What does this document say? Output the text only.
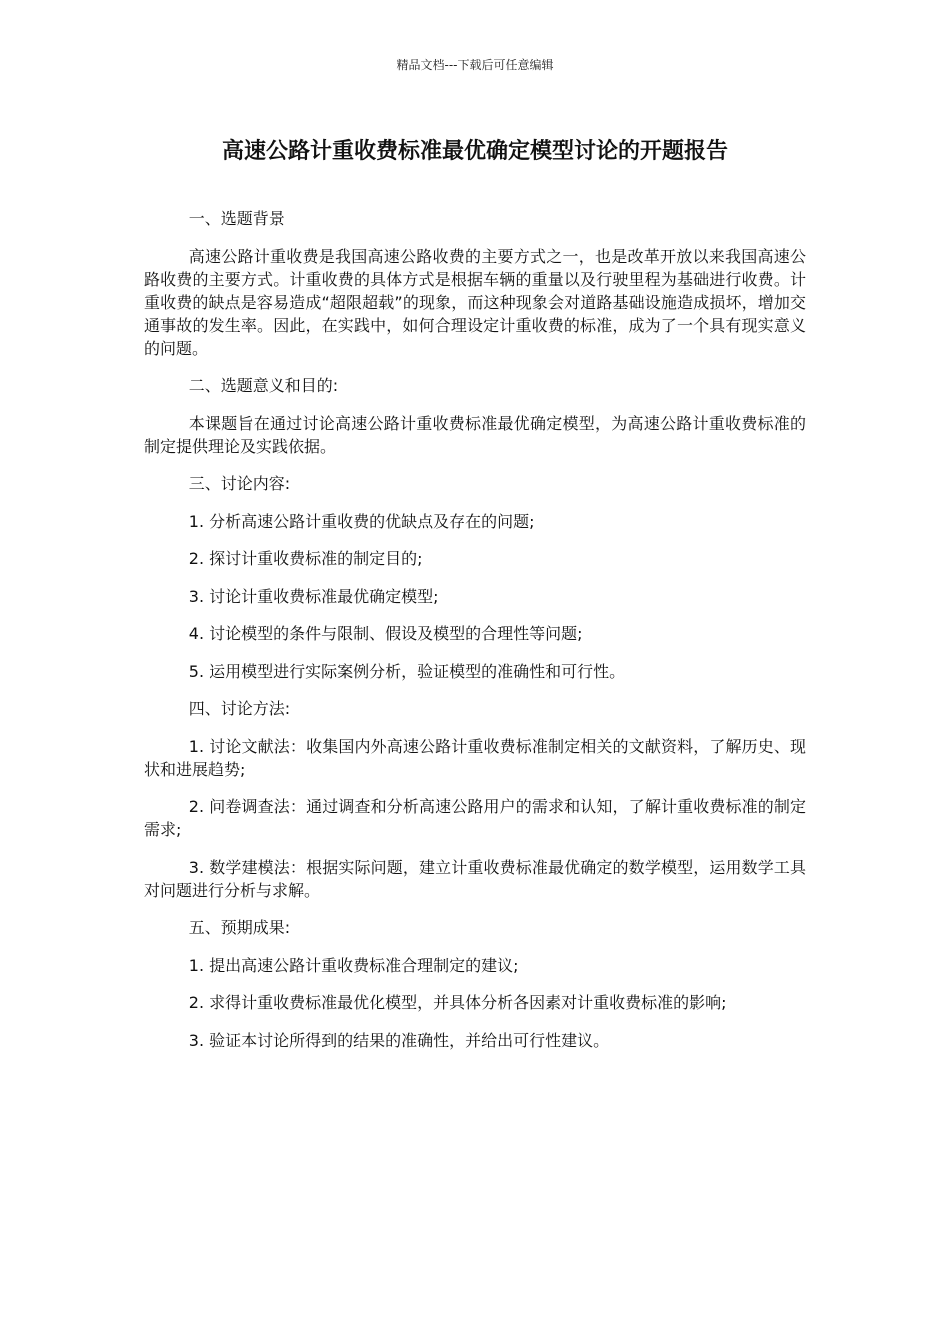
精品文档---下载后可任意编辑
高速公路计重收费标准最优确定模型讨论的开题报告

一、选题背景

高速公路计重收费是我国高速公路收费的主要方式之一，也是改革开放以来我国高速公路收费的主要方式。计重收费的具体方式是根据车辆的重量以及行驶里程为基础进行收费。计重收费的缺点是容易造成“超限超载”的现象，而这种现象会对道路基础设施造成损坏，增加交通事故的发生率。因此，在实践中，如何合理设定计重收费的标准，成为了一个具有现实意义的问题。

二、选题意义和目的:

本课题旨在通过讨论高速公路计重收费标准最优确定模型，为高速公路计重收费标准的制定提供理论及实践依据。

三、讨论内容:

1. 分析高速公路计重收费的优缺点及存在的问题;

2. 探讨计重收费标准的制定目的;

3. 讨论计重收费标准最优确定模型;

4. 讨论模型的条件与限制、假设及模型的合理性等问题;

5. 运用模型进行实际案例分析，验证模型的准确性和可行性。

四、讨论方法:

1. 讨论文献法：收集国内外高速公路计重收费标准制定相关的文献资料，了解历史、现状和进展趋势;

2. 问卷调查法：通过调查和分析高速公路用户的需求和认知，了解计重收费标准的制定需求;

3. 数学建模法：根据实际问题，建立计重收费标准最优确定的数学模型，运用数学工具对问题进行分析与求解。

五、预期成果:

1. 提出高速公路计重收费标准合理制定的建议;

2. 求得计重收费标准最优化模型，并具体分析各因素对计重收费标准的影响;

3. 验证本讨论所得到的结果的准确性，并给出可行性建议。
